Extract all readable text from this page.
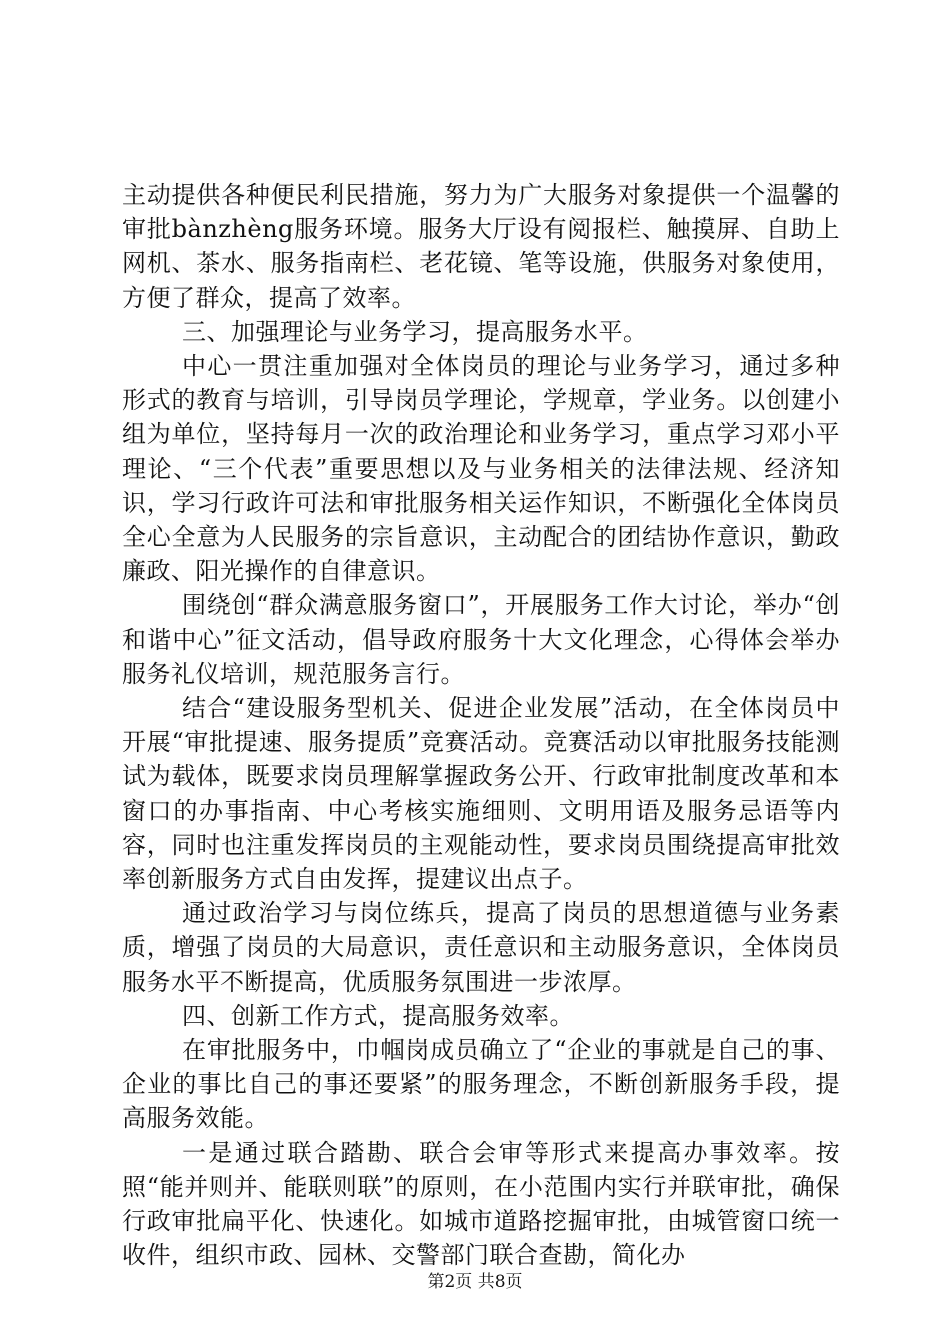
主动提供各种便民利民措施，努力为广大服务对象提供一个温馨的审批bànzhèng服务环境。服务大厅设有阅报栏、触摸屏、自助上网机、茶水、服务指南栏、老花镜、笔等设施，供服务对象使用，方便了群众，提高了效率。

三、加强理论与业务学习，提高服务水平。

中心一贯注重加强对全体岗员的理论与业务学习，通过多种形式的教育与培训，引导岗员学理论，学规章，学业务。以创建小组为单位，坚持每月一次的政治理论和业务学习，重点学习邓小平理论、“三个代表”重要思想以及与业务相关的法律法规、经济知识，学习行政许可法和审批服务相关运作知识，不断强化全体岗员全心全意为人民服务的宗旨意识，主动配合的团结协作意识，勤政廉政、阳光操作的自律意识。

围绕创“群众满意服务窗口”，开展服务工作大讨论，举办“创和谐中心”征文活动，倡导政府服务十大文化理念，心得体会举办服务礼仪培训，规范服务言行。

结合“建设服务型机关、促进企业发展”活动，在全体岗员中开展“审批提速、服务提质”竞赛活动。竞赛活动以审批服务技能测试为载体，既要求岗员理解掌握政务公开、行政审批制度改革和本窗口的办事指南、中心考核实施细则、文明用语及服务忌语等内容，同时也注重发挥岗员的主观能动性，要求岗员围绕提高审批效率创新服务方式自由发挥，提建议出点子。

通过政治学习与岗位练兵，提高了岗员的思想道德与业务素质，增强了岗员的大局意识，责任意识和主动服务意识，全体岗员服务水平不断提高，优质服务氛围进一步浓厚。

四、创新工作方式，提高服务效率。

在审批服务中，巾帼岗成员确立了“企业的事就是自己的事、企业的事比自己的事还要紧”的服务理念，不断创新服务手段，提高服务效能。

一是通过联合踏勘、联合会审等形式来提高办事效率。按照“能并则并、能联则联”的原则，在小范围内实行并联审批，确保行政审批扁平化、快速化。如城市道路挖掘审批，由城管窗口统一收件，组织市政、园林、交警部门联合查勘，简化办

第2页 共8页
